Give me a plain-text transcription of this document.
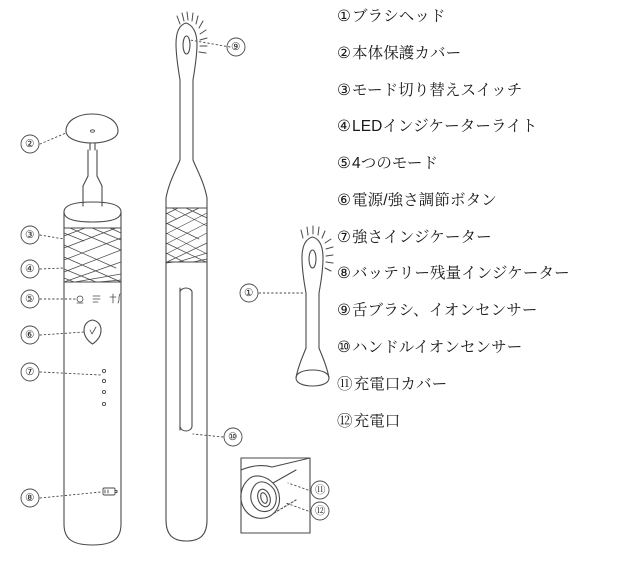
⑨
②
③
④
⑤
⑥
⑦
⑧
①
⑩
⑪
⑫
①ブラシヘッド
②本体保護カバー
③モード切り替えスイッチ
④LEDインジケーターライト
⑤4つのモード
⑥電源/強さ調節ボタン
⑦強さインジケーター
⑧バッテリー残量インジケーター
⑨舌ブラシ、イオンセンサー
⑩ハンドルイオンセンサー
⑪充電口カバー
⑫充電口
